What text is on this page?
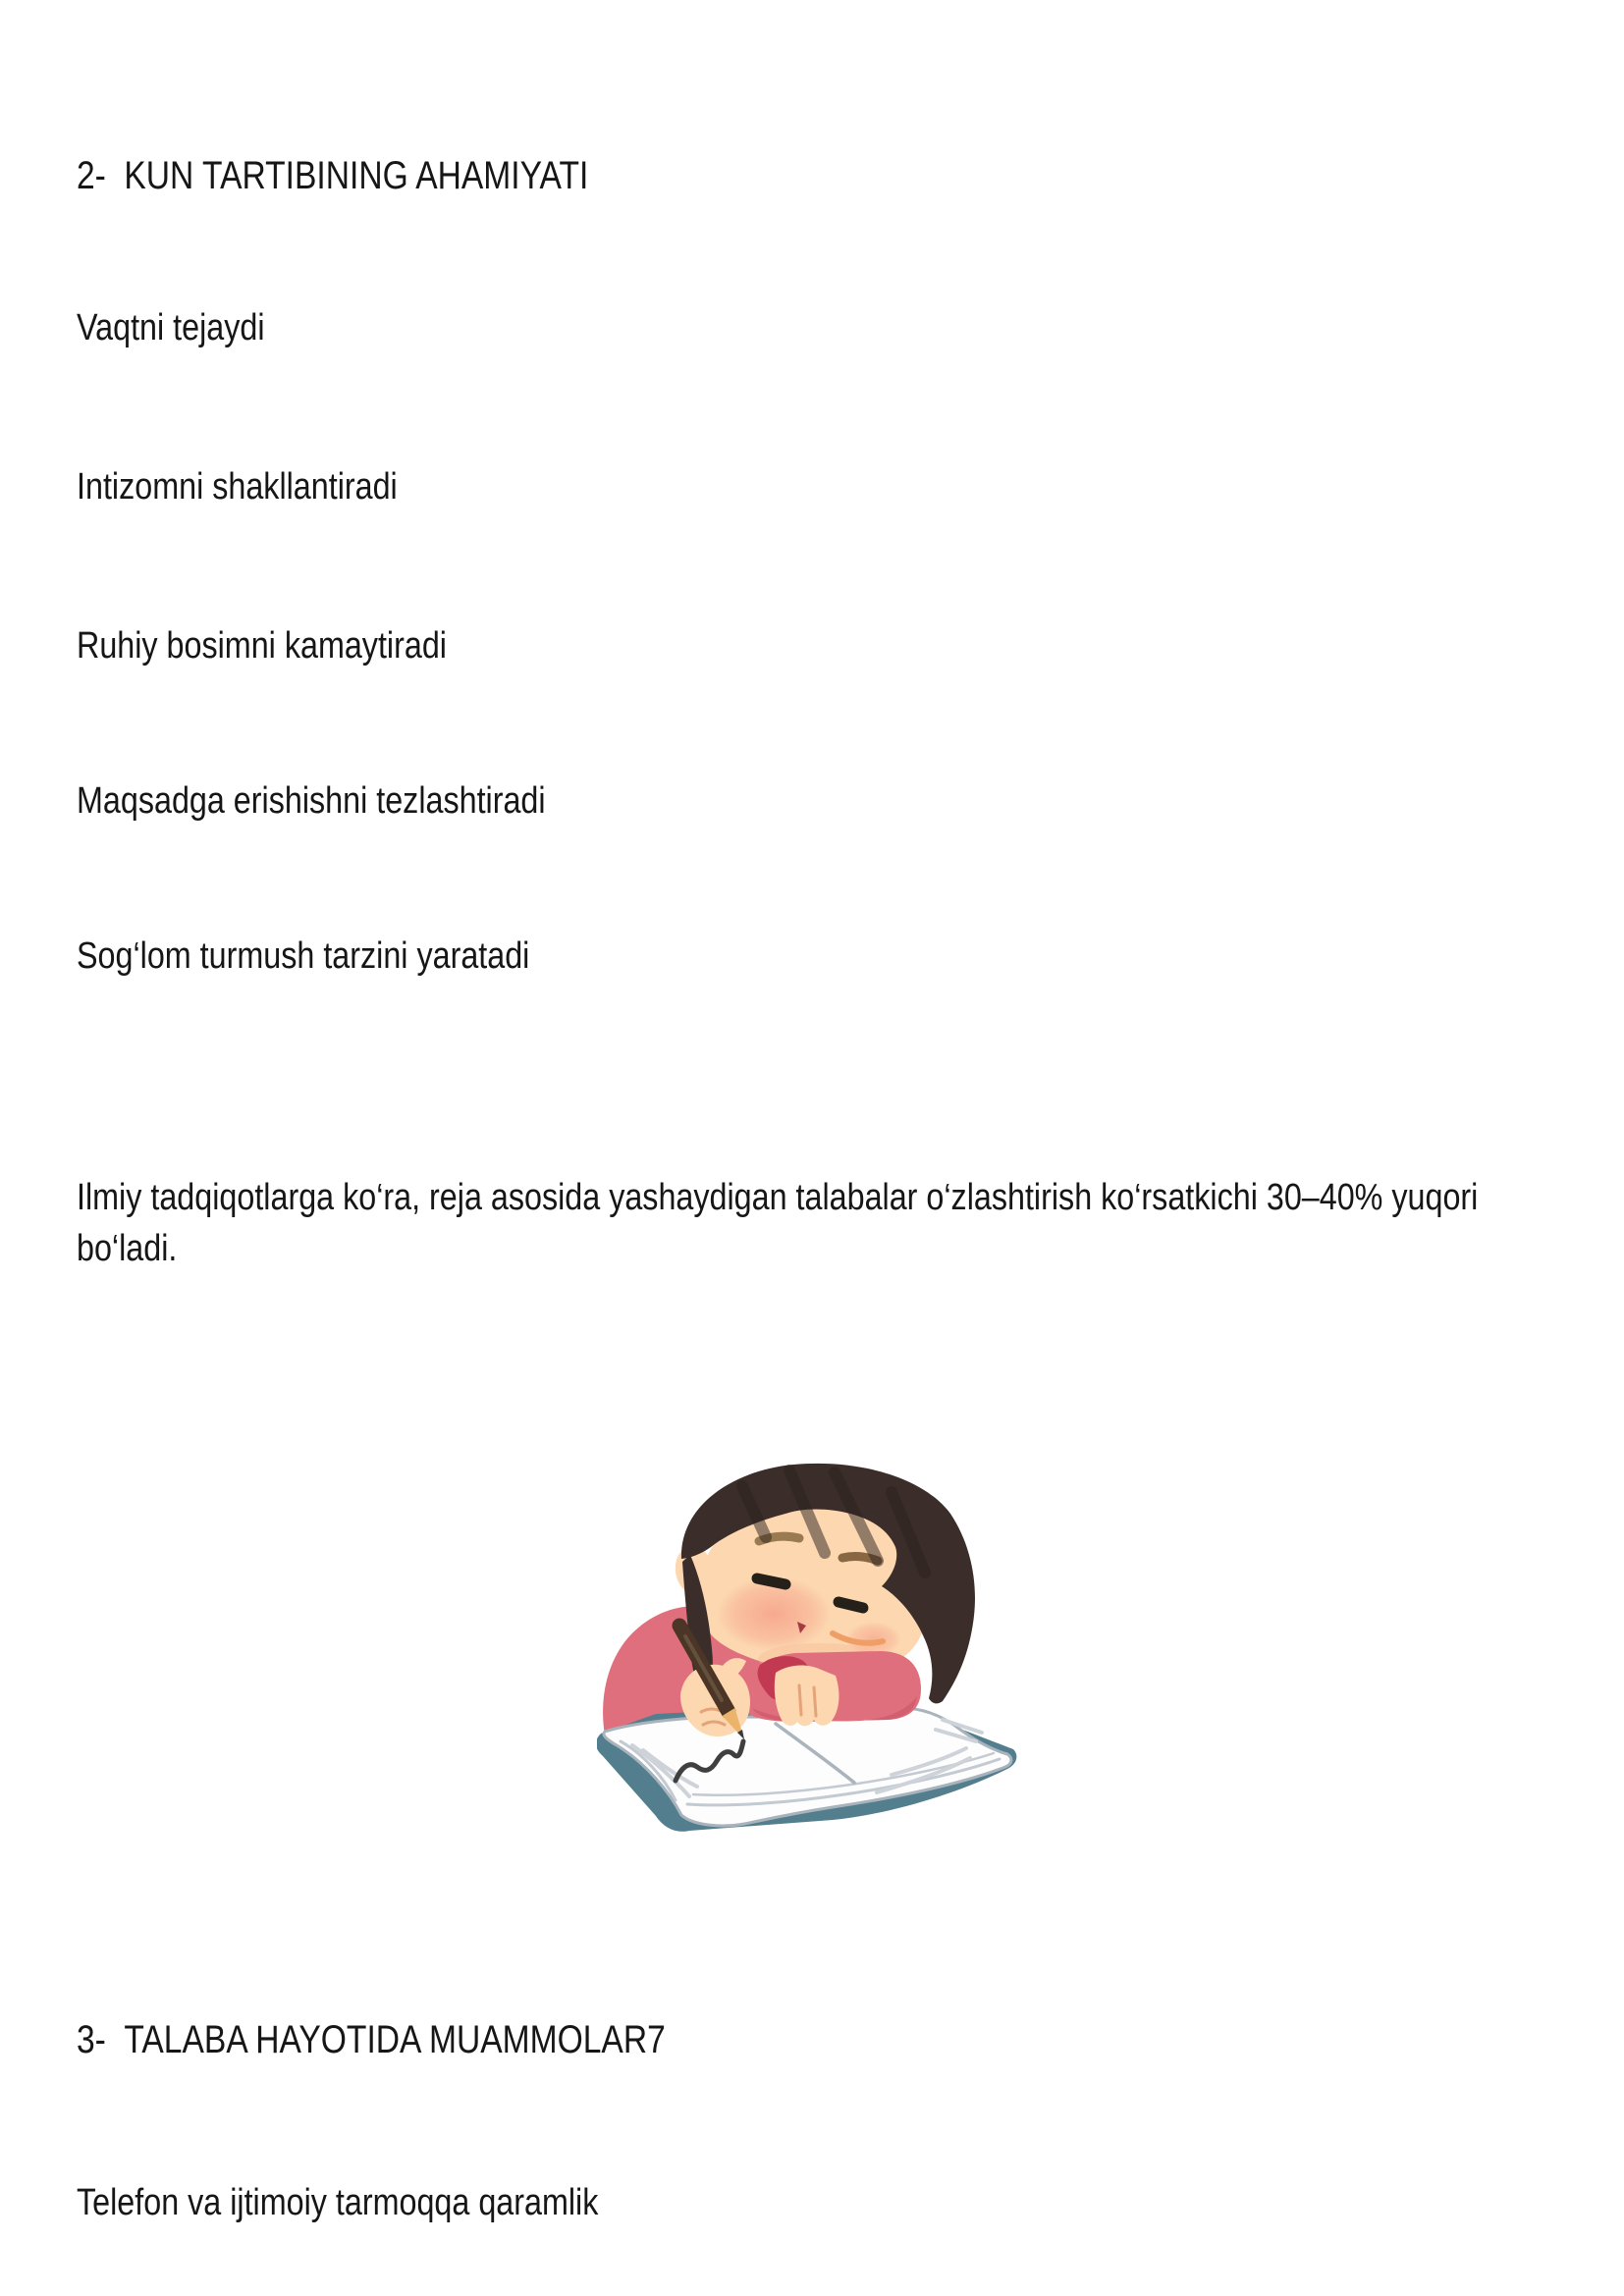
2- KUN TARTIBINING AHAMIYATI
Vaqtni tejaydi
Intizomni shakllantiradi
Ruhiy bosimni kamaytiradi
Maqsadga erishishni tezlashtiradi
Sog‘lom turmush tarzini yaratadi
Ilmiy tadqiqotlarga ko‘ra, reja asosida yashaydigan talabalar o‘zlashtirish ko‘rsatkichi 30–40% yuqori
bo‘ladi.
3- TALABA HAYOTIDA MUAMMOLAR7
Telefon va ijtimoiy tarmoqqa qaramlik
